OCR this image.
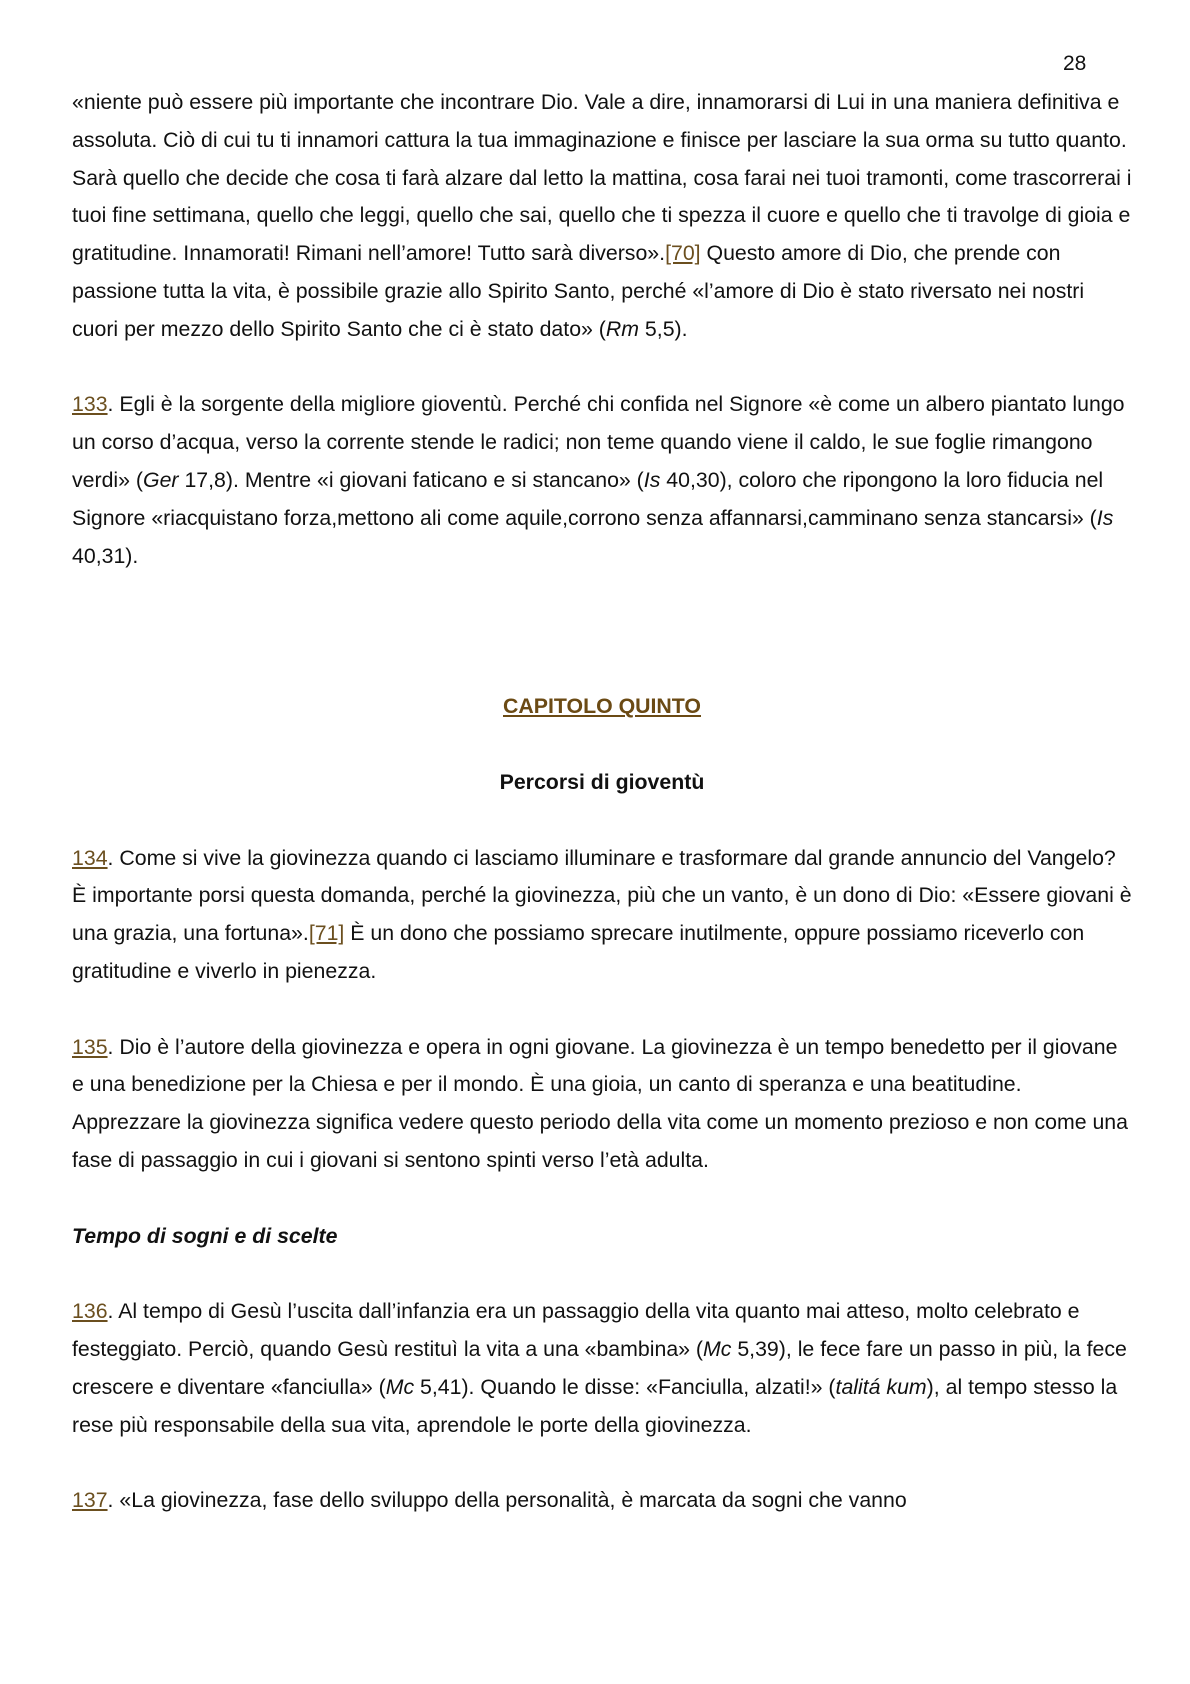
28

«niente può essere più importante che incontrare Dio. Vale a dire, innamorarsi di Lui in una maniera definitiva e assoluta. Ciò di cui tu ti innamori cattura la tua immaginazione e finisce per lasciare la sua orma su tutto quanto. Sarà quello che decide che cosa ti farà alzare dal letto la mattina, cosa farai nei tuoi tramonti, come trascorrerai i tuoi fine settimana, quello che leggi, quello che sai, quello che ti spezza il cuore e quello che ti travolge di gioia e gratitudine. Innamorati! Rimani nell’amore! Tutto sarà diverso».[70] Questo amore di Dio, che prende con passione tutta la vita, è possibile grazie allo Spirito Santo, perché «l’amore di Dio è stato riversato nei nostri cuori per mezzo dello Spirito Santo che ci è stato dato» (Rm 5,5).

133. Egli è la sorgente della migliore gioventù. Perché chi confida nel Signore «è come un albero piantato lungo un corso d’acqua, verso la corrente stende le radici; non teme quando viene il caldo, le sue foglie rimangono verdi» (Ger 17,8). Mentre «i giovani faticano e si stancano» (Is 40,30), coloro che ripongono la loro fiducia nel Signore «riacquistano forza,mettono ali come aquile,corrono senza affannarsi,camminano senza stancarsi» (Is 40,31).

CAPITOLO QUINTO

Percorsi di gioventù

134. Come si vive la giovinezza quando ci lasciamo illuminare e trasformare dal grande annuncio del Vangelo? È importante porsi questa domanda, perché la giovinezza, più che un vanto, è un dono di Dio: «Essere giovani è una grazia, una fortuna».[71] È un dono che possiamo sprecare inutilmente, oppure possiamo riceverlo con gratitudine e viverlo in pienezza.

135. Dio è l’autore della giovinezza e opera in ogni giovane. La giovinezza è un tempo benedetto per il giovane e una benedizione per la Chiesa e per il mondo. È una gioia, un canto di speranza e una beatitudine. Apprezzare la giovinezza significa vedere questo periodo della vita come un momento prezioso e non come una fase di passaggio in cui i giovani si sentono spinti verso l’età adulta.

Tempo di sogni e di scelte

136. Al tempo di Gesù l’uscita dall’infanzia era un passaggio della vita quanto mai atteso, molto celebrato e festeggiato. Perciò, quando Gesù restituì la vita a una «bambina» (Mc 5,39), le fece fare un passo in più, la fece crescere e diventare «fanciulla» (Mc 5,41). Quando le disse: «Fanciulla, alzati!» (talitá kum), al tempo stesso la rese più responsabile della sua vita, aprendole le porte della giovinezza.

137. «La giovinezza, fase dello sviluppo della personalità, è marcata da sogni che vanno
